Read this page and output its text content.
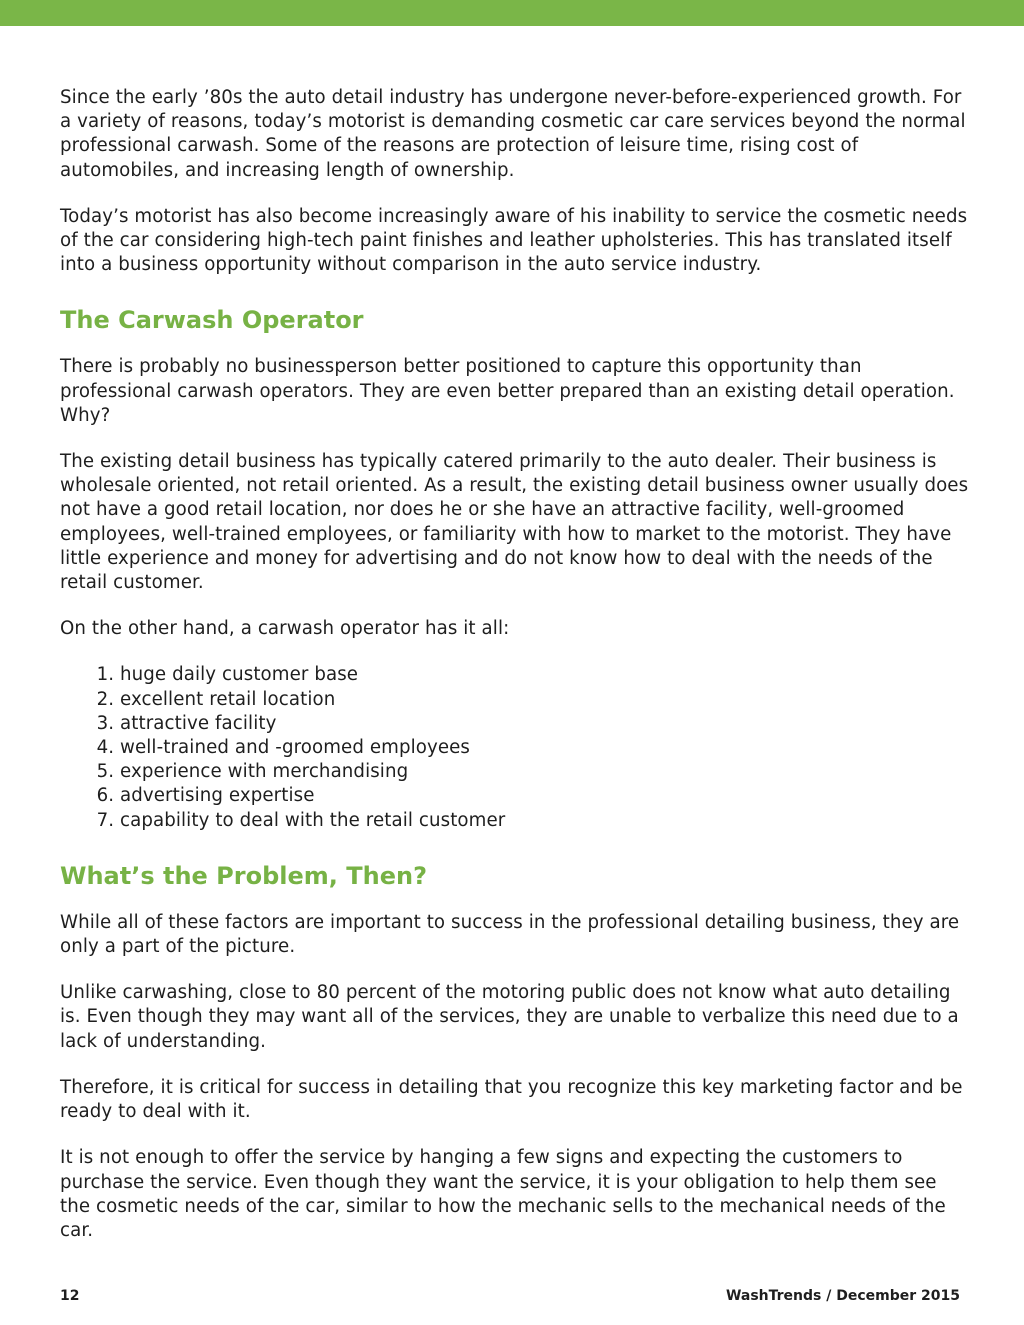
Since the early ’80s the auto detail industry has undergone never-before-experienced growth. For a variety of reasons, today’s motorist is demanding cosmetic car care services beyond the normal professional carwash. Some of the reasons are protection of leisure time, rising cost of automobiles, and increasing length of ownership.

Today’s motorist has also become increasingly aware of his inability to service the cosmetic needs of the car considering high-tech paint finishes and leather upholsteries. This has translated itself into a business opportunity without comparison in the auto service industry.

The Carwash Operator

There is probably no businessperson better positioned to capture this opportunity than professional carwash operators. They are even better prepared than an existing detail operation. Why?

The existing detail business has typically catered primarily to the auto dealer. Their business is wholesale oriented, not retail oriented. As a result, the existing detail business owner usually does not have a good retail location, nor does he or she have an attractive facility, well-groomed employees, well-trained employees, or familiarity with how to market to the motorist. They have little experience and money for advertising and do not know how to deal with the needs of the retail customer.

On the other hand, a carwash operator has it all:

1. huge daily customer base
2. excellent retail location
3. attractive facility
4. well-trained and -groomed employees
5. experience with merchandising
6. advertising expertise
7. capability to deal with the retail customer
What’s the Problem, Then?

While all of these factors are important to success in the professional detailing business, they are only a part of the picture.

Unlike carwashing, close to 80 percent of the motoring public does not know what auto detailing is. Even though they may want all of the services, they are unable to verbalize this need due to a lack of understanding.

Therefore, it is critical for success in detailing that you recognize this key marketing factor and be ready to deal with it.

It is not enough to offer the service by hanging a few signs and expecting the customers to purchase the service. Even though they want the service, it is your obligation to help them see the cosmetic needs of the car, similar to how the mechanic sells to the mechanical needs of the car.

12	WashTrends / December 2015
